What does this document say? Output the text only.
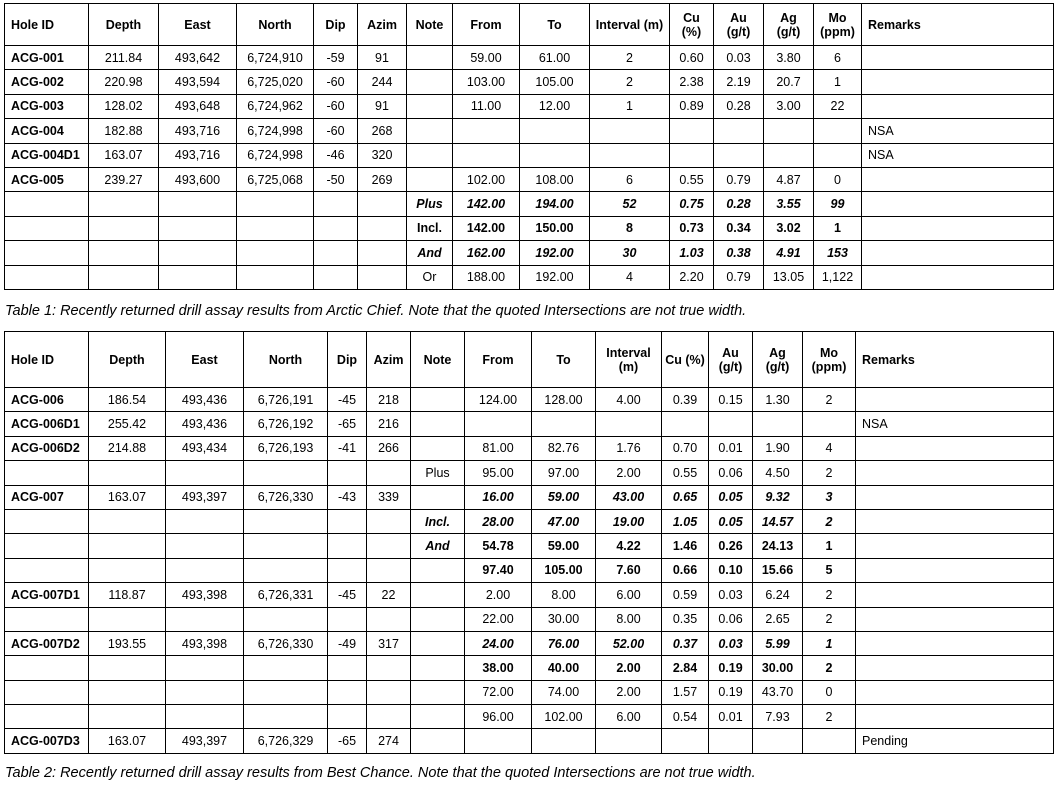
Hole ID	Depth	East	North	Dip	Azim	Note	From	To	Interval (m)	Cu (%)	Au (g/t)	Ag (g/t)	Mo (ppm)	Remarks
ACG-001	211.84	493,642	6,724,910	-59	91		59.00	61.00	2	0.60	0.03	3.80	6	
ACG-002	220.98	493,594	6,725,020	-60	244		103.00	105.00	2	2.38	2.19	20.7	1	
ACG-003	128.02	493,648	6,724,962	-60	91		11.00	12.00	1	0.89	0.28	3.00	22	
ACG-004	182.88	493,716	6,724,998	-60	268									NSA
ACG-004D1	163.07	493,716	6,724,998	-46	320									NSA
ACG-005	239.27	493,600	6,725,068	-50	269		102.00	108.00	6	0.55	0.79	4.87	0	
						Plus	142.00	194.00	52	0.75	0.28	3.55	99	
						Incl.	142.00	150.00	8	0.73	0.34	3.02	1	
						And	162.00	192.00	30	1.03	0.38	4.91	153	
						Or	188.00	192.00	4	2.20	0.79	13.05	1,122	
Table 1: Recently returned drill assay results from Arctic Chief. Note that the quoted Intersections are not true width.
Hole ID	Depth	East	North	Dip	Azim	Note	From	To	Interval (m)	Cu (%)	Au (g/t)	Ag (g/t)	Mo (ppm)	Remarks
ACG-006	186.54	493,436	6,726,191	-45	218		124.00	128.00	4.00	0.39	0.15	1.30	2	
ACG-006D1	255.42	493,436	6,726,192	-65	216									NSA
ACG-006D2	214.88	493,434	6,726,193	-41	266		81.00	82.76	1.76	0.70	0.01	1.90	4	
						Plus	95.00	97.00	2.00	0.55	0.06	4.50	2	
ACG-007	163.07	493,397	6,726,330	-43	339		16.00	59.00	43.00	0.65	0.05	9.32	3	
						Incl.	28.00	47.00	19.00	1.05	0.05	14.57	2	
						And	54.78	59.00	4.22	1.46	0.26	24.13	1	
							97.40	105.00	7.60	0.66	0.10	15.66	5	
ACG-007D1	118.87	493,398	6,726,331	-45	22		2.00	8.00	6.00	0.59	0.03	6.24	2	
							22.00	30.00	8.00	0.35	0.06	2.65	2	
ACG-007D2	193.55	493,398	6,726,330	-49	317		24.00	76.00	52.00	0.37	0.03	5.99	1	
							38.00	40.00	2.00	2.84	0.19	30.00	2	
							72.00	74.00	2.00	1.57	0.19	43.70	0	
							96.00	102.00	6.00	0.54	0.01	7.93	2	
ACG-007D3	163.07	493,397	6,726,329	-65	274									Pending
Table 2: Recently returned drill assay results from Best Chance. Note that the quoted Intersections are not true width.
